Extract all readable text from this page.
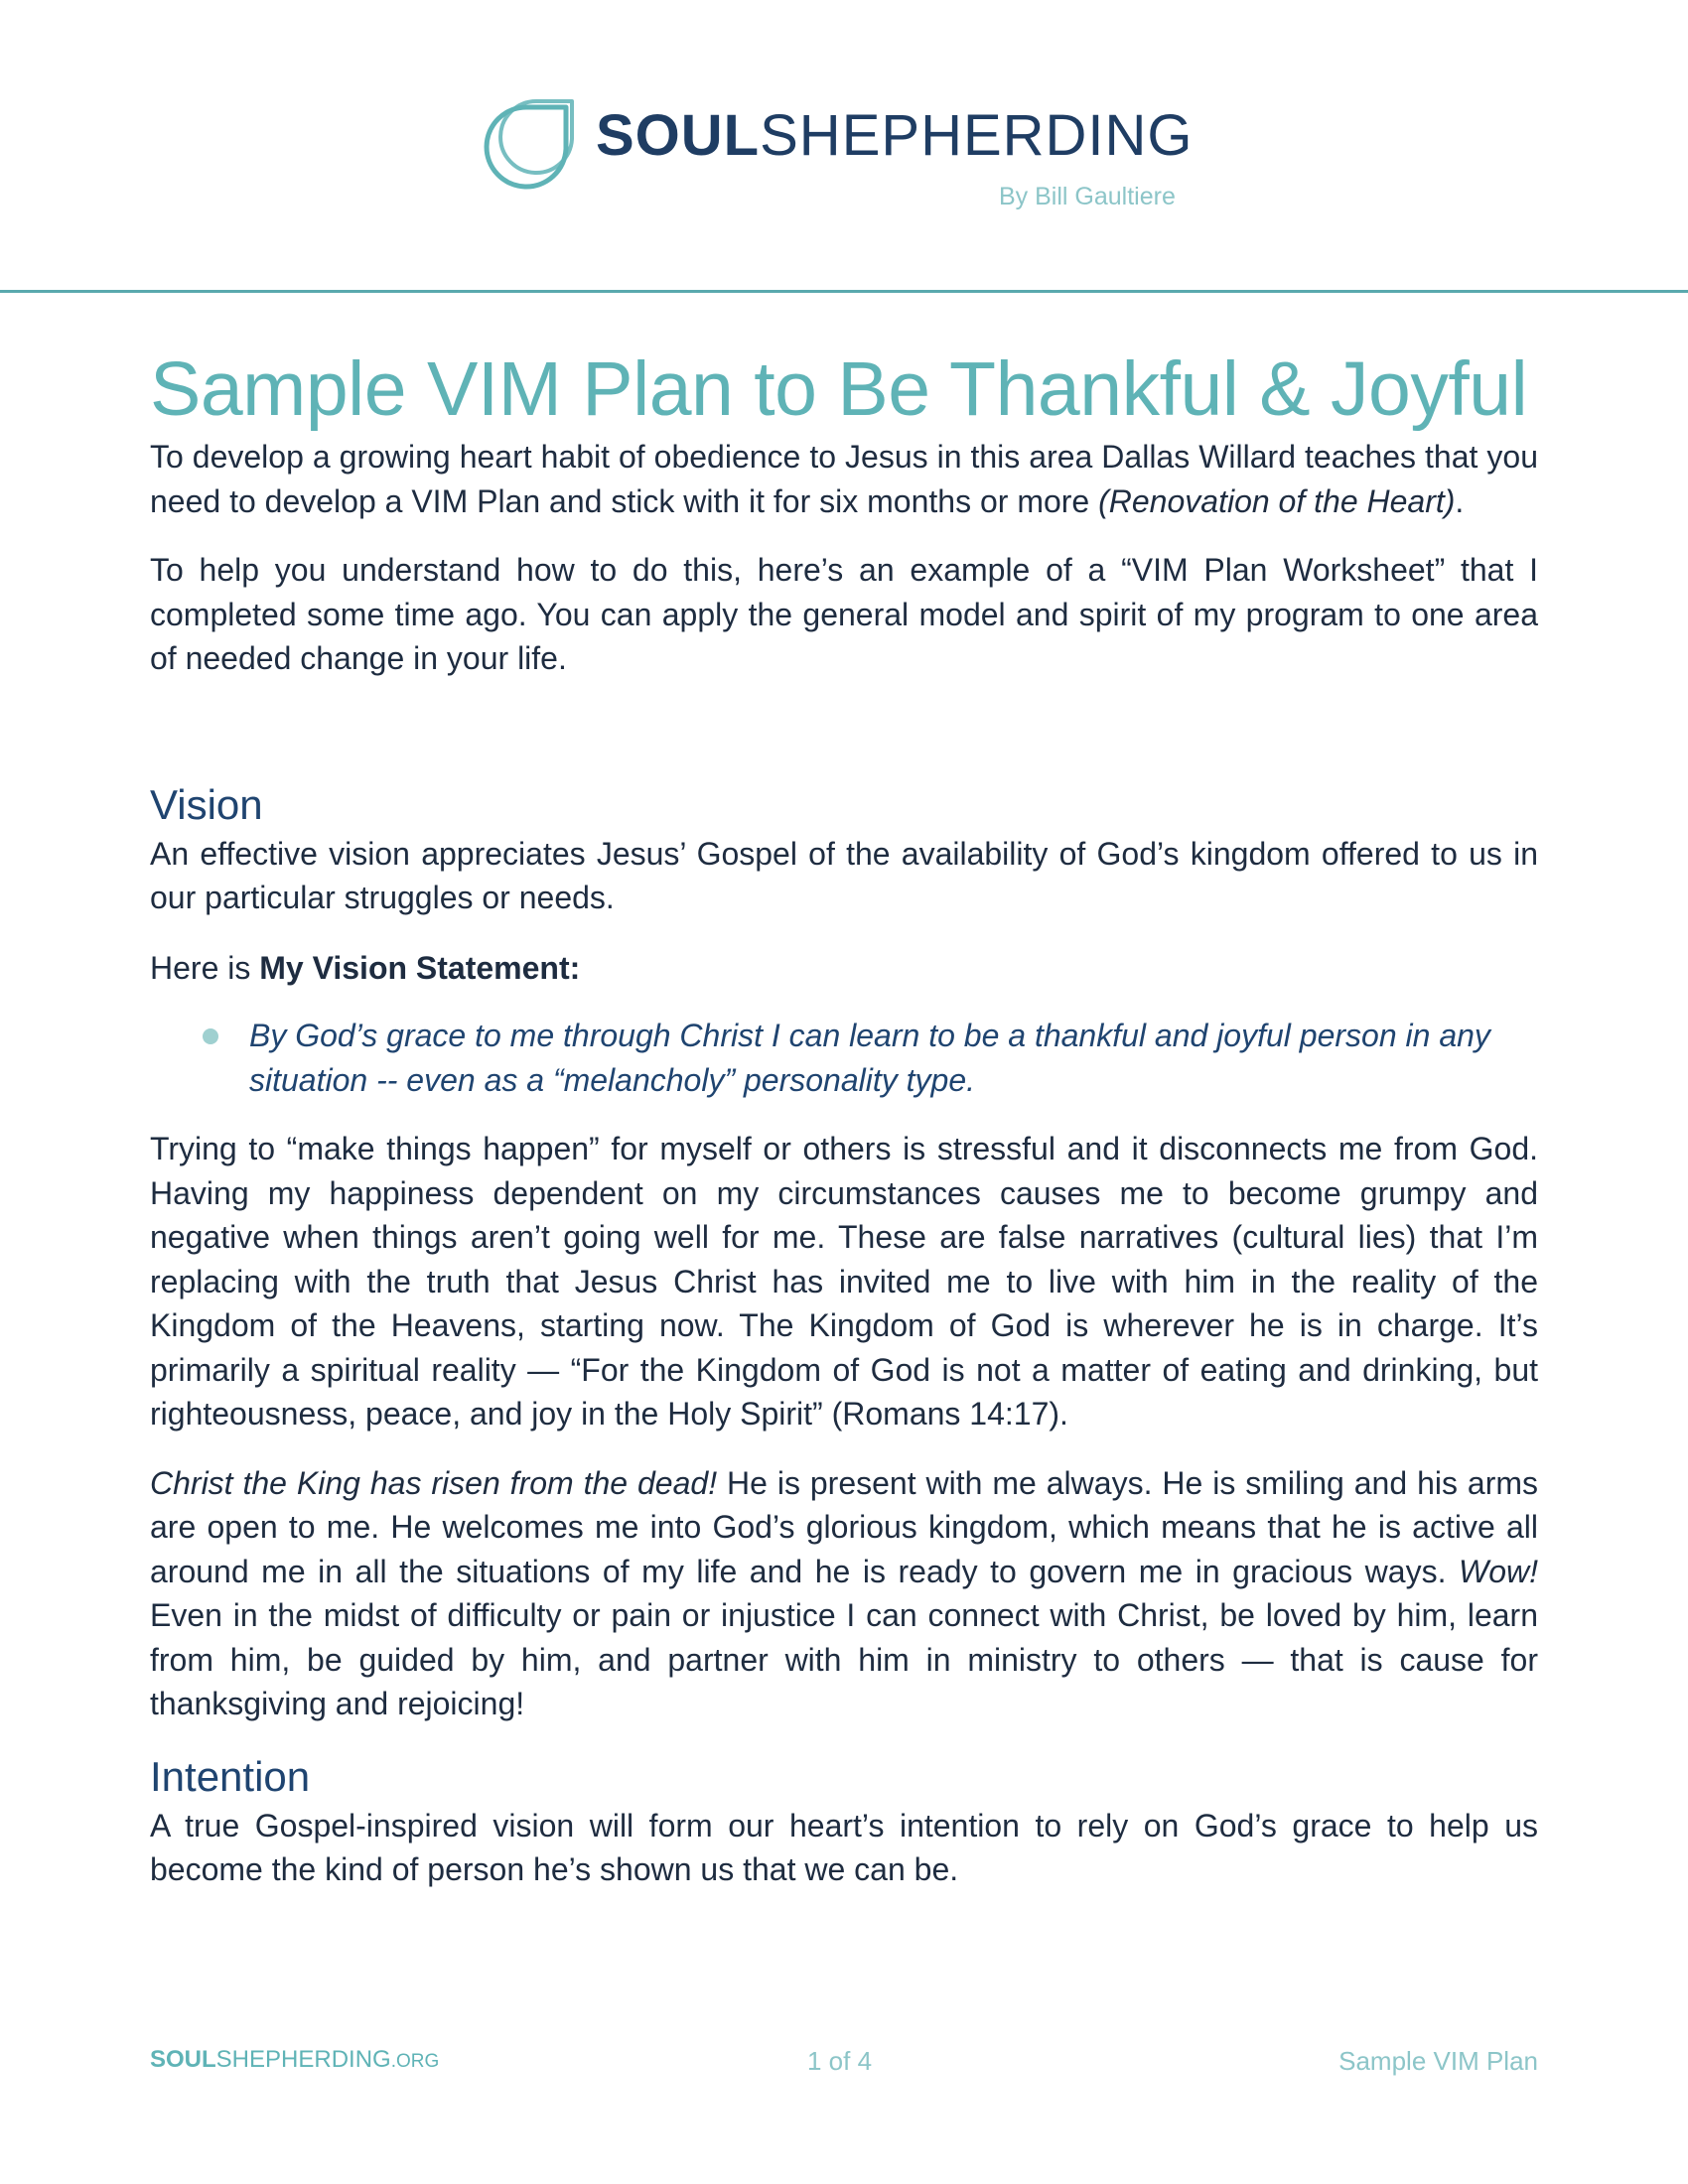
SOULSHEPHERDING
By Bill Gaultiere
Sample VIM Plan to Be Thankful & Joyful

To develop a growing heart habit of obedience to Jesus in this area Dallas Willard teaches that you need to develop a VIM Plan and stick with it for six months or more (Renovation of the Heart).

To help you understand how to do this, here’s an example of a “VIM Plan Worksheet” that I completed some time ago. You can apply the general model and spirit of my program to one area of needed change in your life.

Vision

An effective vision appreciates Jesus’ Gospel of the availability of God’s kingdom offered to us in our particular struggles or needs.

Here is My Vision Statement:

By God’s grace to me through Christ I can learn to be a thankful and joyful person in any situation -- even as a “melancholy” personality type.

Trying to “make things happen” for myself or others is stressful and it disconnects me from God. Having my happiness dependent on my circumstances causes me to become grumpy and negative when things aren’t going well for me. These are false narratives (cultural lies) that I’m replacing with the truth that Jesus Christ has invited me to live with him in the reality of the Kingdom of the Heavens, starting now. The Kingdom of God is wherever he is in charge. It’s primarily a spiritual reality — “For the Kingdom of God is not a matter of eating and drinking, but righteousness, peace, and joy in the Holy Spirit” (Romans 14:17).

Christ the King has risen from the dead! He is present with me always. He is smiling and his arms are open to me. He welcomes me into God’s glorious kingdom, which means that he is active all around me in all the situations of my life and he is ready to govern me in gracious ways. Wow! Even in the midst of difficulty or pain or injustice I can connect with Christ, be loved by him, learn from him, be guided by him, and partner with him in ministry to others — that is cause for thanksgiving and rejoicing!

Intention

A true Gospel-inspired vision will form our heart’s intention to rely on God’s grace to help us become the kind of person he’s shown us that we can be.

SOULSHEPHERDING.ORG	1 of 4	Sample VIM Plan
